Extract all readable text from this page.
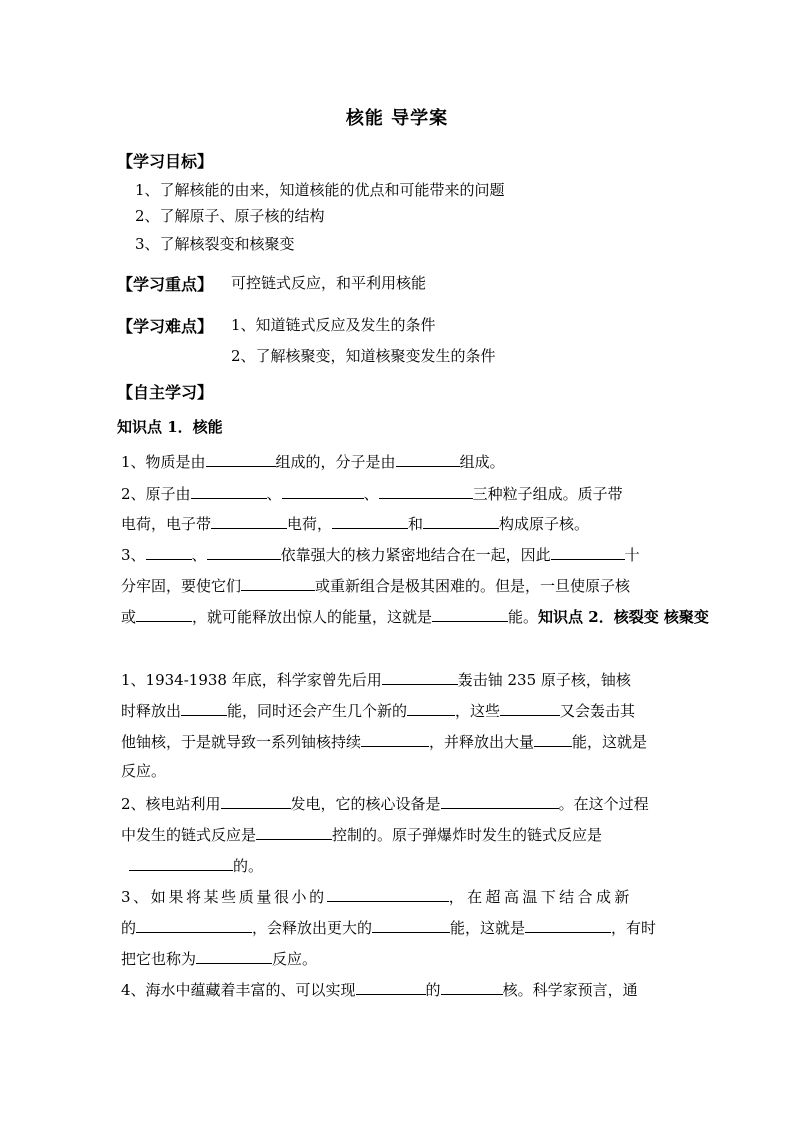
核能 导学案
【学习目标】
1、了解核能的由来，知道核能的优点和可能带来的问题
2、了解原子、原子核的结构
3、了解核裂变和核聚变
【学习重点】 可控链式反应，和平利用核能
【学习难点】 1、知道链式反应及发生的条件
2、了解核聚变，知道核聚变发生的条件
【自主学习】
知识点 1．核能
1、物质是由	组成的，分子是由	组成。
2、原子由	、	、	三种粒子组成。质子带
电荷，电子带	电荷，	和	构成原子核。
3、	、	依靠强大的核力紧密地结合在一起，因此	十
分牢固，要使它们	或重新组合是极其困难的。但是，一旦使原子核
或	，就可能释放出惊人的能量，这就是	能。知识点 2．核裂变 核聚变
1、1934-1938 年底，科学家曾先后用	轰击铀 235 原子核，铀核
时释放出	能，同时还会产生几个新的	，这些	又会轰击其
他铀核，于是就导致一系列铀核持续	，并释放出大量	能，这就是
反应。
2、核电站利用	发电，它的核心设备是	。在这个过程
中发生的链式反应是	控制的。原子弹爆炸时发生的链式反应是
的。
3、如果将某些质量很小的	，在超高温下结合成新
的	，会释放出更大的	能，这就是	，有时
把它也称为	反应。
4、海水中蕴藏着丰富的、可以实现	的	核。科学家预言，通
